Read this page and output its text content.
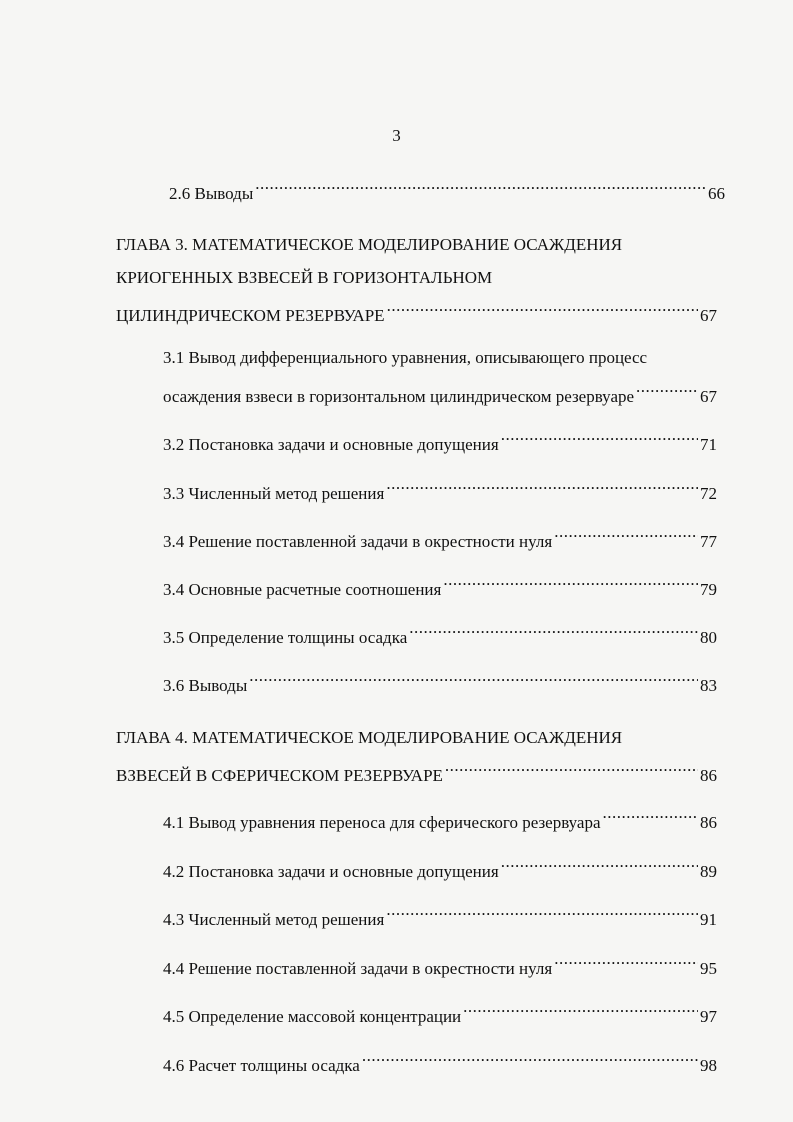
3
2.6 Выводы .....	66
ГЛАВА 3. МАТЕМАТИЧЕСКОЕ МОДЕЛИРОВАНИЕ ОСАЖДЕНИЯ
КРИОГЕННЫХ ВЗВЕСЕЙ В ГОРИЗОНТАЛЬНОМ
ЦИЛИНДРИЧЕСКОМ РЕЗЕРВУАРЕ .....	67
3.1 Вывод дифференциального уравнения, описывающего процесс
осаждения взвеси в горизонтальном цилиндрическом резервуаре .....	67
3.2 Постановка задачи и основные допущения .....	71
3.3 Численный метод решения .....	72
3.4 Решение поставленной задачи в окрестности нуля .....	77
3.4 Основные расчетные соотношения .....	79
3.5 Определение толщины осадка .....	80
3.6 Выводы .....	83
ГЛАВА 4. МАТЕМАТИЧЕСКОЕ МОДЕЛИРОВАНИЕ ОСАЖДЕНИЯ
ВЗВЕСЕЙ В СФЕРИЧЕСКОМ РЕЗЕРВУАРЕ .....	86
4.1 Вывод уравнения переноса для сферического резервуара .....	86
4.2 Постановка задачи и основные допущения .....	89
4.3 Численный метод решения .....	91
4.4 Решение поставленной задачи в окрестности нуля .....	95
4.5 Определение массовой концентрации .....	97
4.6 Расчет толщины осадка .....	98
